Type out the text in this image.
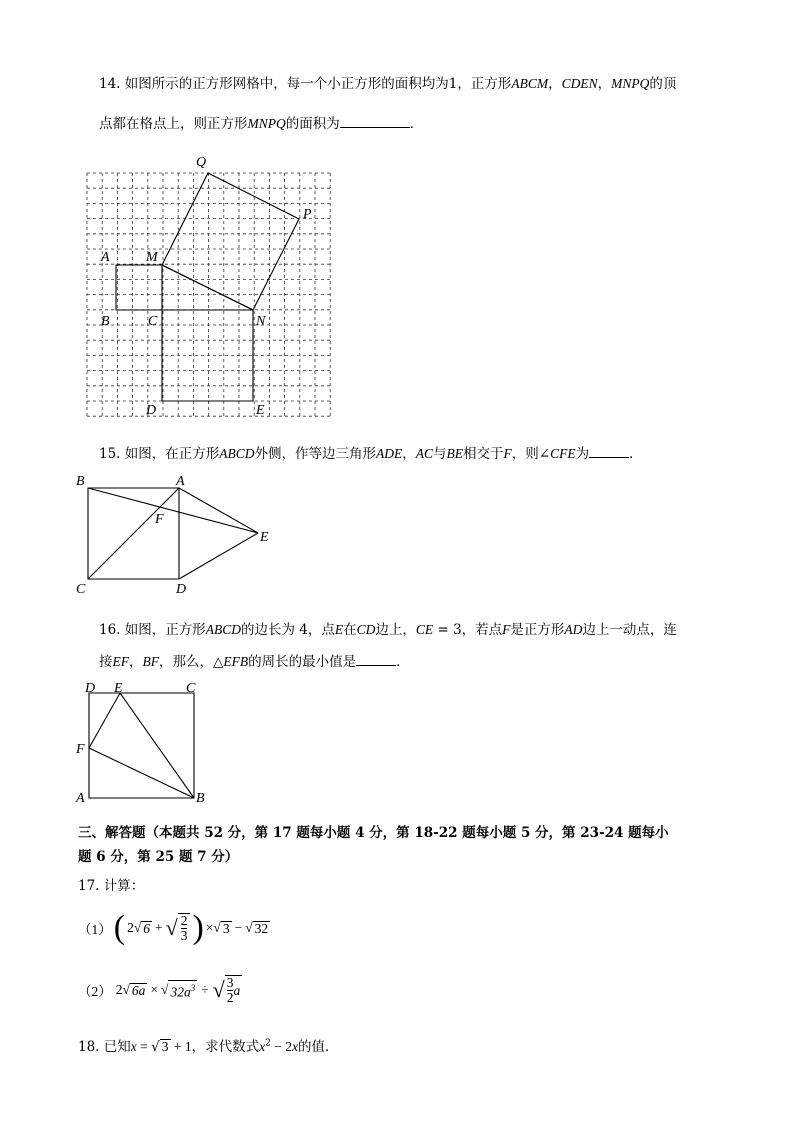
14. 如图所示的正方形网格中，每一个小正方形的面积均为1，正方形ABCM，CDEN，MNPQ的顶
点都在格点上，则正方形MNPQ的面积为	．
Q
P
A	M
B	C	N
D	E
15. 如图，在正方形ABCD外侧，作等边三角形ADE，AC与BE相交于F，则∠CFE为	．
B	A
F
E
C	D
16. 如图，正方形ABCD的边长为 4，点E在CD边上，CE = 3，若点F是正方形AD边上一动点，连
接EF，BF，那么，△EFB的周长的最小值是	．
D E	C
F
A	B
三、解答题（本题共 52 分，第 17 题每小题 4 分，第 18-22 题每小题 5 分，第 23-24 题每小
题 6 分，第 25 题 7 分）
17. 计算：
（1） ( 2 √ 6 + √ $\frac{2}{3}$ ) × √ 3 − √ 32
（2） 2 √ 6a × √ $32a^3$ ÷ √ $\frac{3}{2}$ a
18. 已知x = √ 3 + 1，求代数式$x^2 - 2x$的值．
